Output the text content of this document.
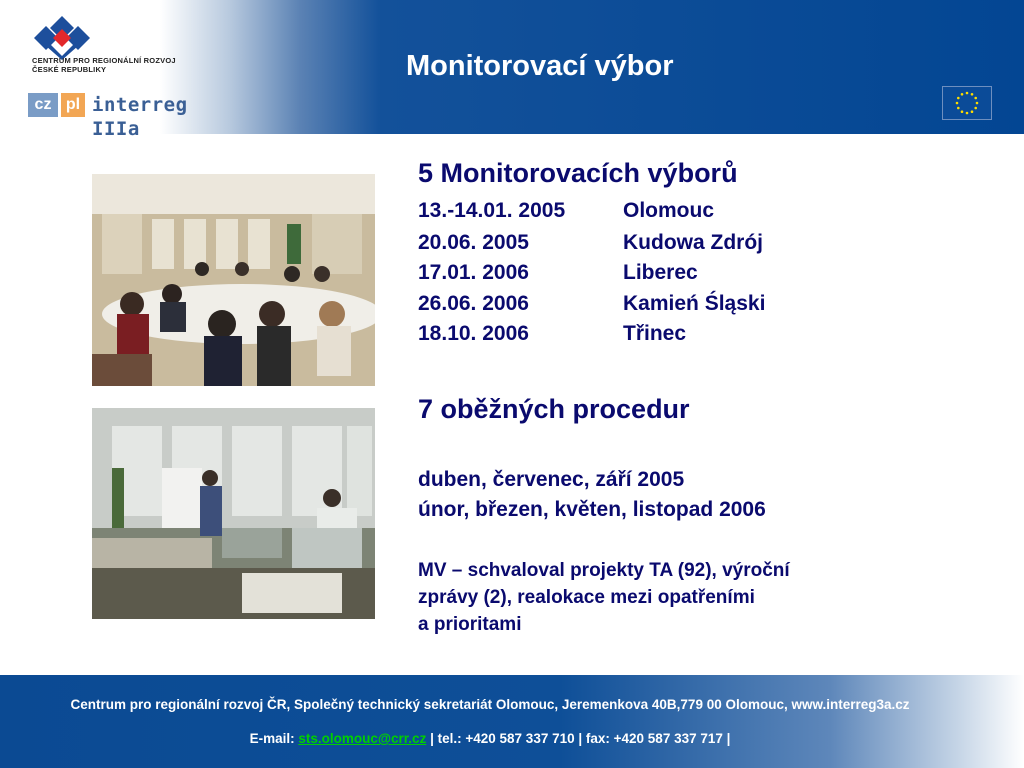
CENTRUM PRO REGIONÁLNÍ ROZVOJ
ČESKÉ REPUBLIKY
cz pl interreg IIIa
Monitorovací výbor
5 Monitorovacích výborů
13.-14.01. 2005	Olomouc
20.06. 2005	Kudowa Zdrój
17.01. 2006	Liberec
26.06. 2006	Kamień Śląski
18.10. 2006	Třinec
7 oběžných procedur
duben, červenec, září 2005
únor, březen, květen, listopad 2006
MV – schvaloval projekty TA (92), výroční
zprávy (2), realokace mezi opatřeními
a prioritami
Centrum pro regionální rozvoj ČR, Společný technický sekretariát Olomouc, Jeremenkova 40B,779 00 Olomouc, www.interreg3a.cz
E-mail: sts.olomouc@crr.cz | tel.: +420 587 337 710 | fax: +420 587 337 717 |
